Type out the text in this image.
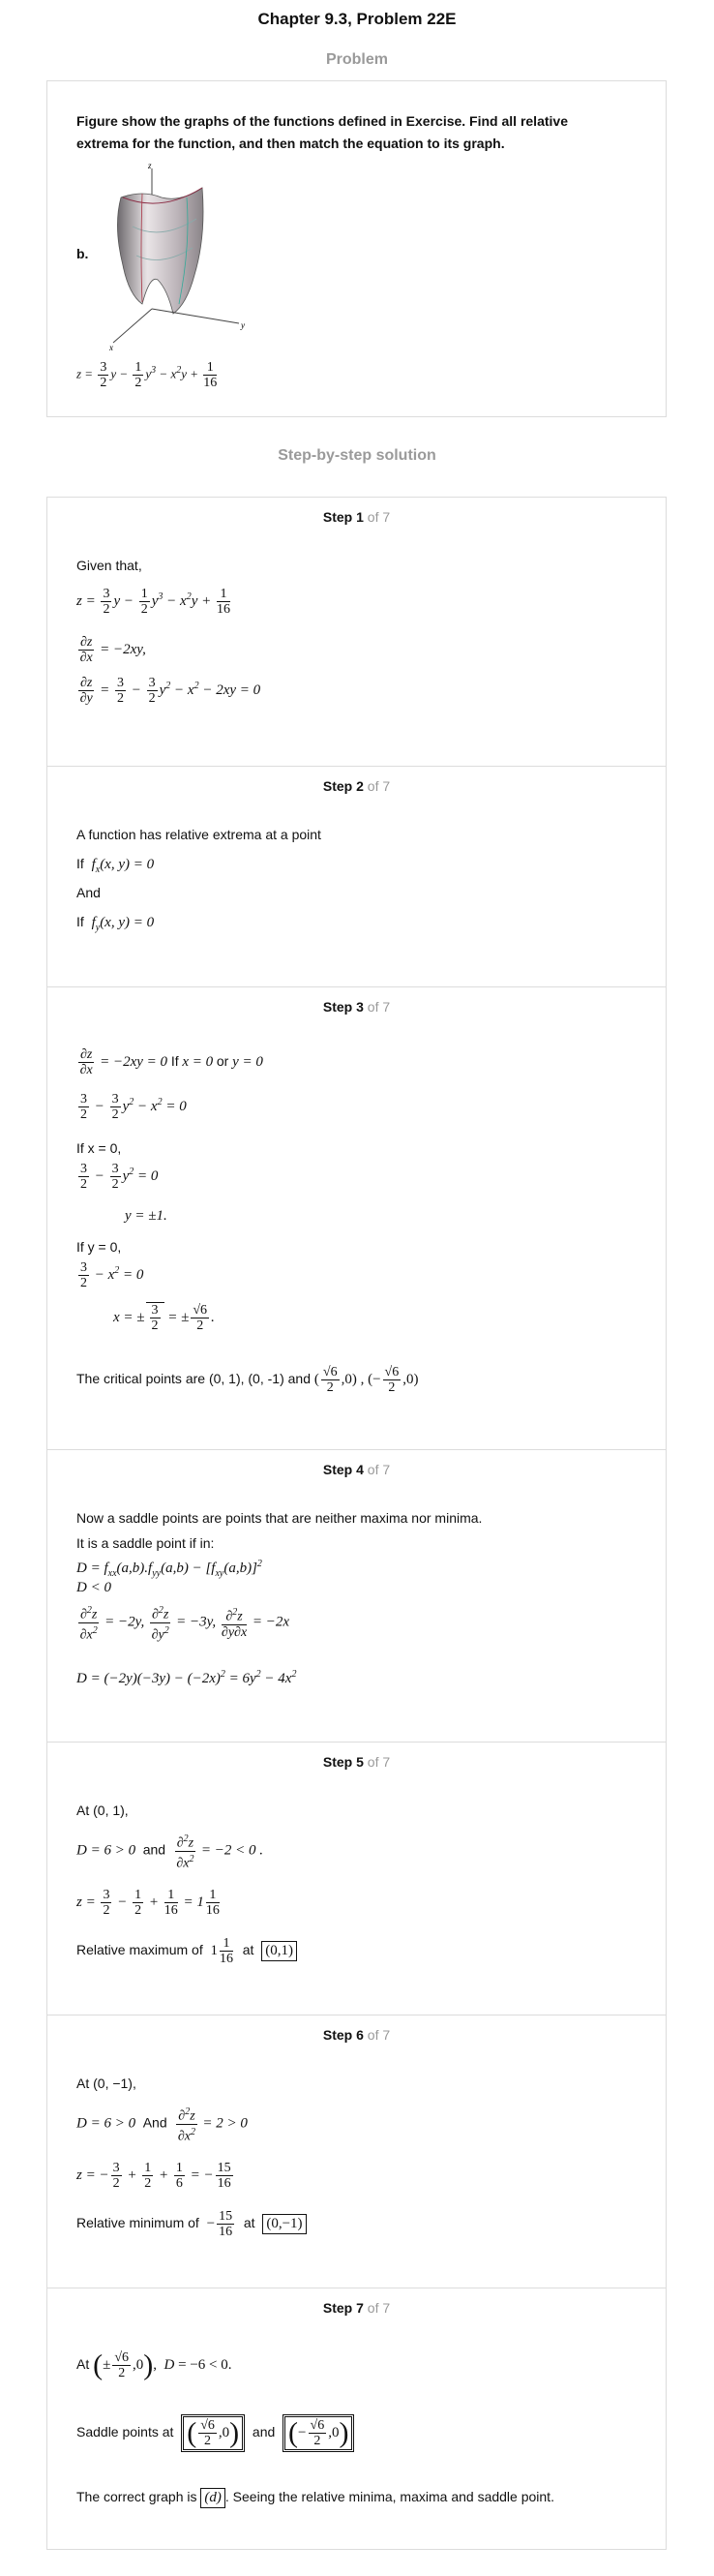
Chapter 9.3, Problem 22E
Problem
Figure show the graphs of the functions defined in Exercise. Find all relative extrema for the function, and then match the equation to its graph.
b.
z
x
y
$z = \frac{3}{2}$ $y - \frac{1}{2} y^3 - x^2y + \frac{1}{16}$
Step-by-step solution
Step 1 of 7
Given that,
$z = \frac{3}{2}$ $y - \frac{1}{2} y^3 - x^2y + \frac{1}{16}$
$\frac{\partial z}{\partial x} = -2xy$,
$\frac{\partial z}{\partial y} = \frac{3}{2} - \frac{3}{2} y^2 - x^2 - 2xy = 0$
Step 2 of 7
A function has relative extrema at a point
If $f_x(x$, y) = 0
And
If $f_y(x$, y) = 0
Step 3 of 7
$\frac{\partial z}{\partial x} = -2xy = 0$ If x = 0 or y = 0
$\frac{3}{2} - \frac{3}{2} y^2 - x^2 = 0$
If x = 0,
$\frac{3}{2} - \frac{3}{2} y^2 = 0$
y = ±1.
If y = 0,
$\frac{3}{2} - x^2 = 0$
x = ± $\frac{3}{2}$ = ± $\frac{√6}{2}$ .
The critical points are (0, 1), (0, -1) and ( $\frac{√6}{2} ,0$) , (− $\frac{√6}{2} ,0$)
Step 4 of 7
Now a saddle points are points that are neither maxima nor minima.
It is a saddle point if in:
$D = f_{xx}(a,b).f_{yy}(a,b) - [f_{xy}(a,b)]^2$
D < 0
$\frac{\partial^2z}{\partial x^2} = -2y$, $\frac{\partial^2z}{\partial y^2} = -3y$, $\frac{\partial^2z}{\partial y\partial x} = -2x$
$D = (-2y)(-3y) - (-2x)^2 = 6y^2 - 4x^2$
Step 5 of 7
At (0, 1),
D = 6 > 0  and $\frac{\partial^2z}{\partial x^2} = -2 < 0$ .
$z = \frac{3}{2} - \frac{1}{2} + \frac{1}{16} = 1 \frac{1}{16}$
Relative maximum of $1 \frac{1}{16}$ at (0,1)
Step 6 of 7
At (0, −1),
D = 6 > 0  And $\frac{\partial^2z}{\partial x^2} = 2 > 0$
z = − $\frac{3}{2} + \frac{1}{2} + \frac{1}{6}$ = − $\frac{15}{16}$
Relative minimum of − $\frac{15}{16}$ at (0,−1)
Step 7 of 7
At (± $\frac{√6}{2} ,0$),  D = −6 < 0.
Saddle points at ( $\frac{√6}{2} ,0$) and (− $\frac{√6}{2} ,0$)
The correct graph is (d) . Seeing the relative minima, maxima and saddle point.
